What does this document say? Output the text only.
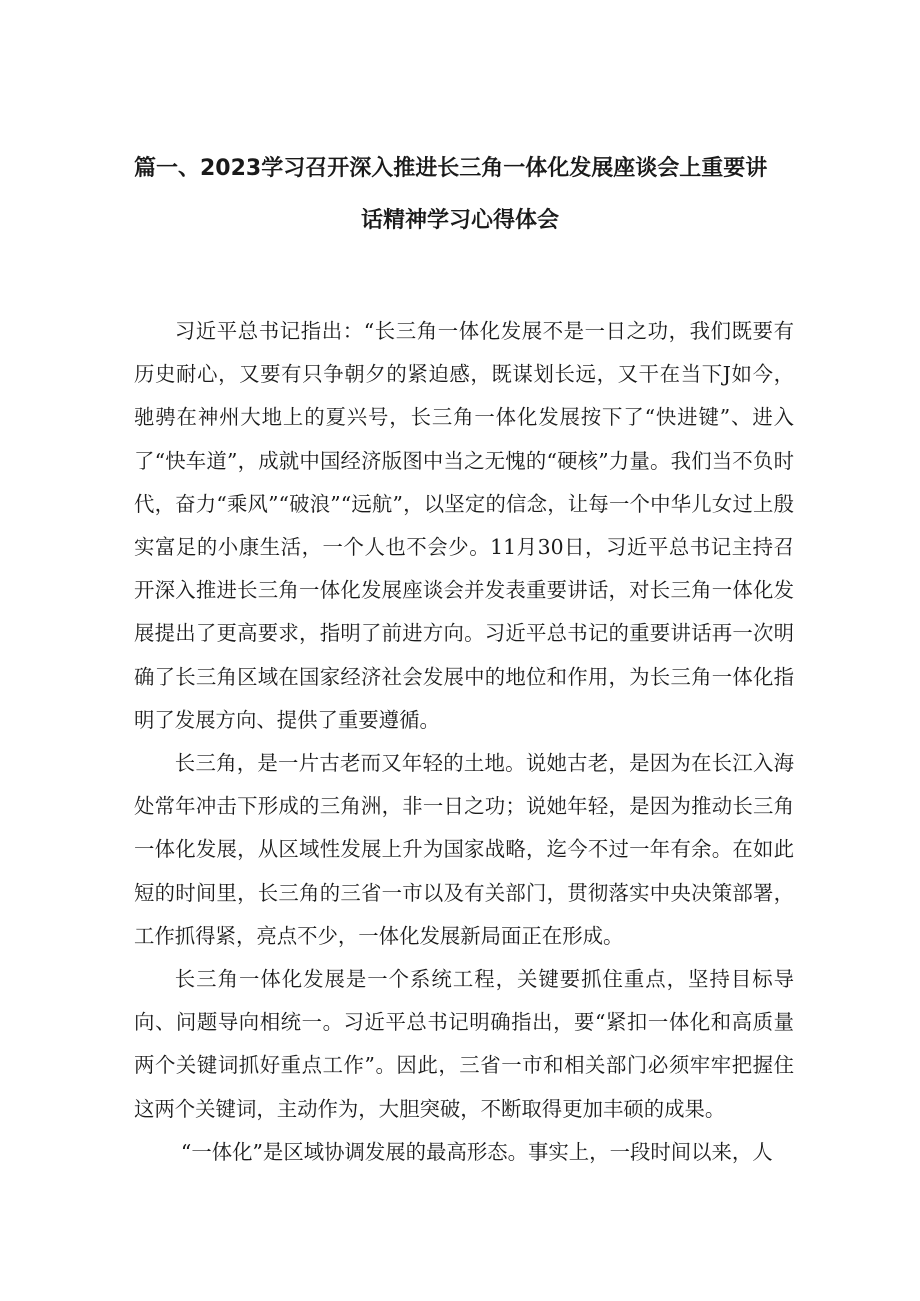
篇一、2023学习召开深入推进长三角一体化发展座谈会上重要讲
话精神学习心得体会

习近平总书记指出：“长三角一体化发展不是一日之功，我们既要有历史耐心，又要有只争朝夕的紧迫感，既谋划长远，又干在当下J如今，驰骋在神州大地上的夏兴号，长三角一体化发展按下了“快进键”、进入了“快车道”，成就中国经济版图中当之无愧的“硬核”力量。我们当不负时代，奋力“乘风”“破浪”“远航”，以坚定的信念，让每一个中华儿女过上殷实富足的小康生活，一个人也不会少。11月30日，习近平总书记主持召开深入推进长三角一体化发展座谈会并发表重要讲话，对长三角一体化发展提出了更高要求，指明了前进方向。习近平总书记的重要讲话再一次明确了长三角区域在国家经济社会发展中的地位和作用，为长三角一体化指明了发展方向、提供了重要遵循。

长三角，是一片古老而又年轻的土地。说她古老，是因为在长江入海处常年冲击下形成的三角洲，非一日之功；说她年轻，是因为推动长三角一体化发展，从区域性发展上升为国家战略，迄今不过一年有余。在如此短的时间里，长三角的三省一市以及有关部门，贯彻落实中央决策部署，工作抓得紧，亮点不少，一体化发展新局面正在形成。

长三角一体化发展是一个系统工程，关键要抓住重点，坚持目标导向、问题导向相统一。习近平总书记明确指出，要“紧扣一体化和高质量两个关键词抓好重点工作”。因此，三省一市和相关部门必须牢牢把握住这两个关键词，主动作为，大胆突破，不断取得更加丰硕的成果。

“一体化”是区域协调发展的最高形态。事实上，一段时间以来，人
